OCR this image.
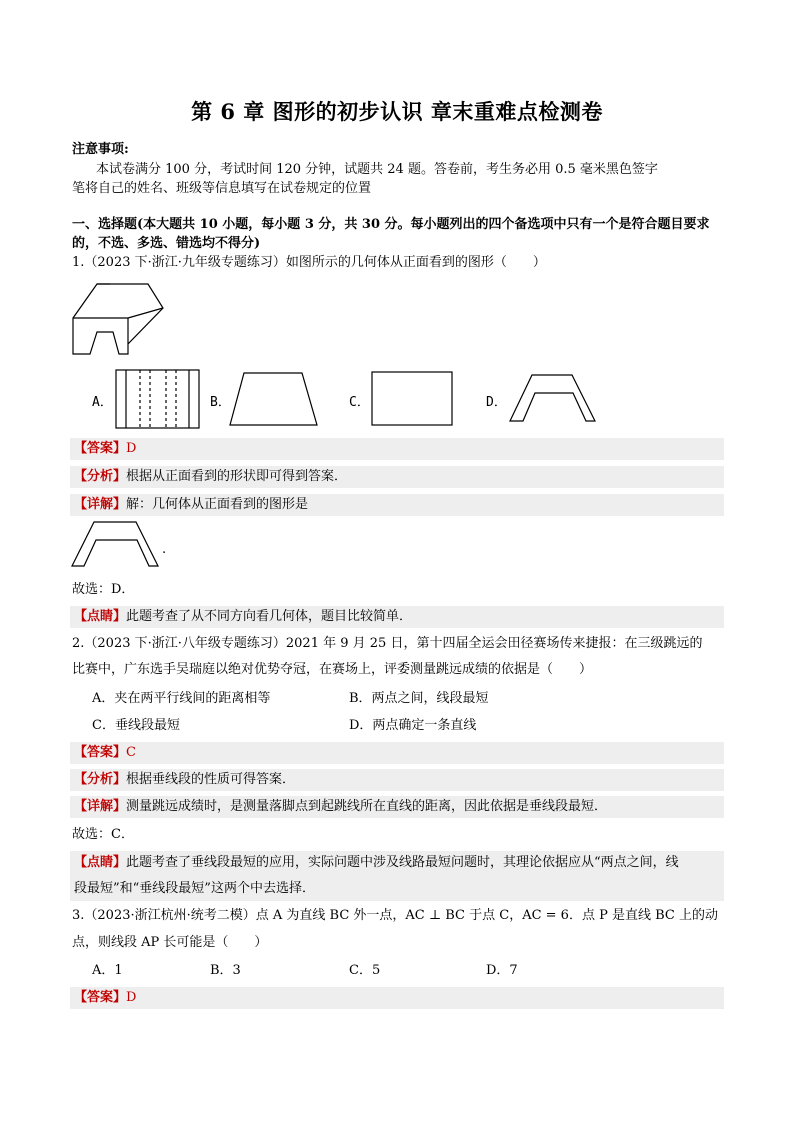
第 6 章 图形的初步认识 章末重难点检测卷
注意事项:
本试卷满分 100 分，考试时间 120 分钟，试题共 24 题。答卷前，考生务必用 0.5 毫米黑色签字
笔将自己的姓名、班级等信息填写在试卷规定的位置
一、选择题(本大题共 10 小题，每小题 3 分，共 30 分。每小题列出的四个备选项中只有一个是符合题目要求
的，不选、多选、错选均不得分)
1.（2023 下·浙江·九年级专题练习）如图所示的几何体从正面看到的图形（　　）
A．	B．	C．	D．
【答案】D
【分析】根据从正面看到的形状即可得到答案．
【详解】解：几何体从正面看到的图形是
.
故选：D．
【点睛】此题考查了从不同方向看几何体，题目比较简单．
2.（2023 下·浙江·八年级专题练习）2021 年 9 月 25 日，第十四届全运会田径赛场传来捷报：在三级跳远的
比赛中，广东选手吴瑞庭以绝对优势夺冠，在赛场上，评委测量跳远成绩的依据是（　　）
A．夹在两平行线间的距离相等	B．两点之间，线段最短
C．垂线段最短	D．两点确定一条直线
【答案】C
【分析】根据垂线段的性质可得答案．
【详解】测量跳远成绩时，是测量落脚点到起跳线所在直线的距离，因此依据是垂线段最短．
故选：C．
【点睛】此题考查了垂线段最短的应用，实际问题中涉及线路最短问题时，其理论依据应从“两点之间，线
段最短”和“垂线段最短”这两个中去选择．
3.（2023·浙江杭州·统考二模）点 A 为直线 BC 外一点，AC ⊥ BC 于点 C，AC = 6．点 P 是直线 BC 上的动
点，则线段 AP 长可能是（　　）
A．1	B．3	C．5	D．7
【答案】D
